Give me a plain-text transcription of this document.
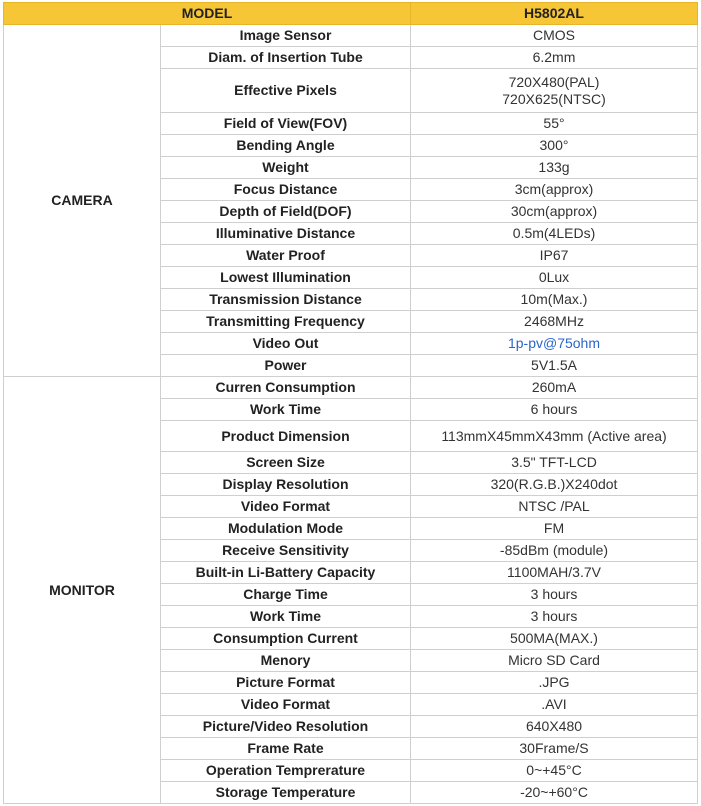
MODEL		H5802AL
CAMERA	Image Sensor	CMOS
	Diam. of Insertion Tube	6.2mm
	Effective Pixels	720X480(PAL)
720X625(NTSC)

	Field of View(FOV)	55°
	Bending Angle	300°
	Weight	133g
	Focus Distance	3cm(approx)
	Depth of Field(DOF)	30cm(approx)
	Illuminative Distance	0.5m(4LEDs)
	Water Proof	IP67
	Lowest Illumination	0Lux
	Transmission Distance	10m(Max.)
	Transmitting Frequency	2468MHz
	Video Out	1p-pv@75ohm
	Power	5V1.5A
MONITOR	Curren Consumption	260mA
	Work Time	6 hours
	Product Dimension	113mmX45mmX43mm (Active area)
	Screen Size	3.5" TFT-LCD
	Display Resolution	320(R.G.B.)X240dot
	Video Format	NTSC /PAL
	Modulation Mode	FM
	Receive Sensitivity	-85dBm (module)
	Built-in Li-Battery Capacity	1100MAH/3.7V
	Charge Time	3 hours
	Work Time	3 hours
	Consumption Current	500MA(MAX.)
	Menory	Micro SD Card
	Picture Format	.JPG
	Video Format	.AVI
	Picture/Video Resolution	640X480
	Frame Rate	30Frame/S
	Operation Temprerature	0~+45°C
	Storage Temperature	-20~+60°C
